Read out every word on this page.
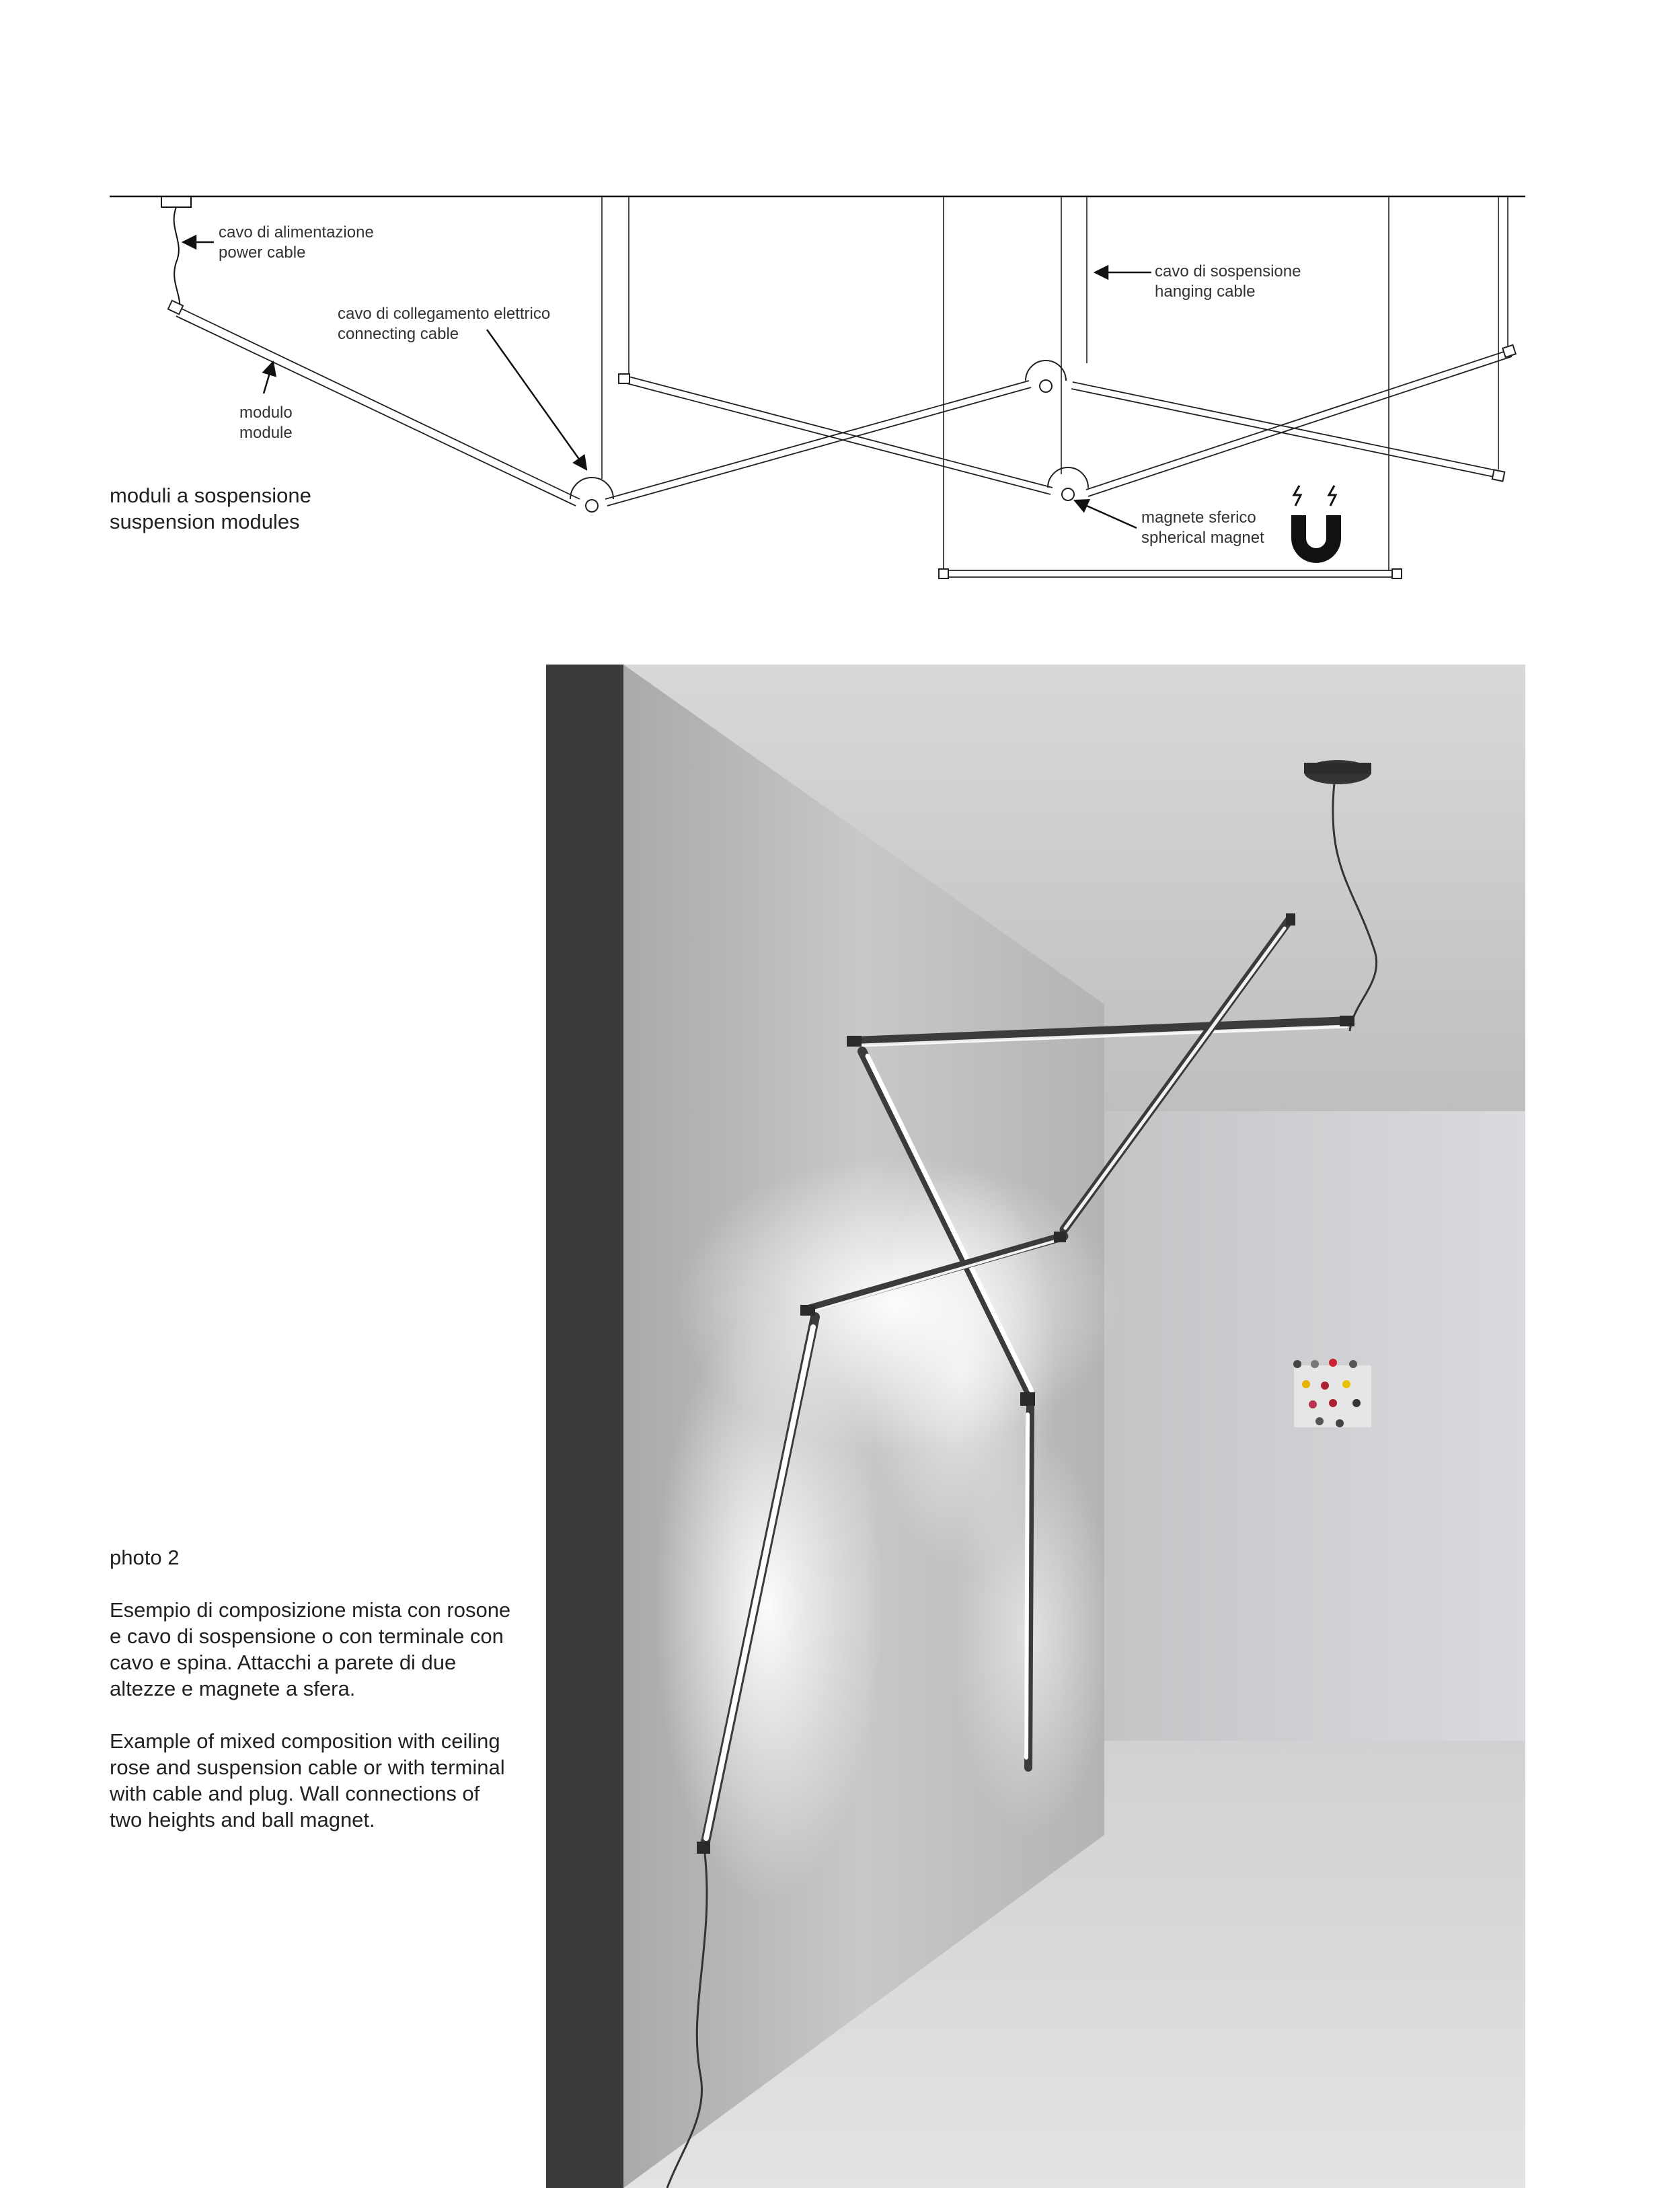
cavo di alimentazione
power cable
cavo di sospensione
hanging cable
cavo di collegamento elettrico
connecting cable
modulo
module
magnete sferico
spherical magnet
moduli a sospensione
suspension modules

photo 2

Esempio di composizione mista con rosone e cavo di sospensione o con terminale con cavo e spina. Attacchi a parete di due altezze e magnete a sfera.

Example of mixed composition with ceiling rose and suspension cable or with terminal with cable and plug. Wall connections of two heights and ball magnet.
